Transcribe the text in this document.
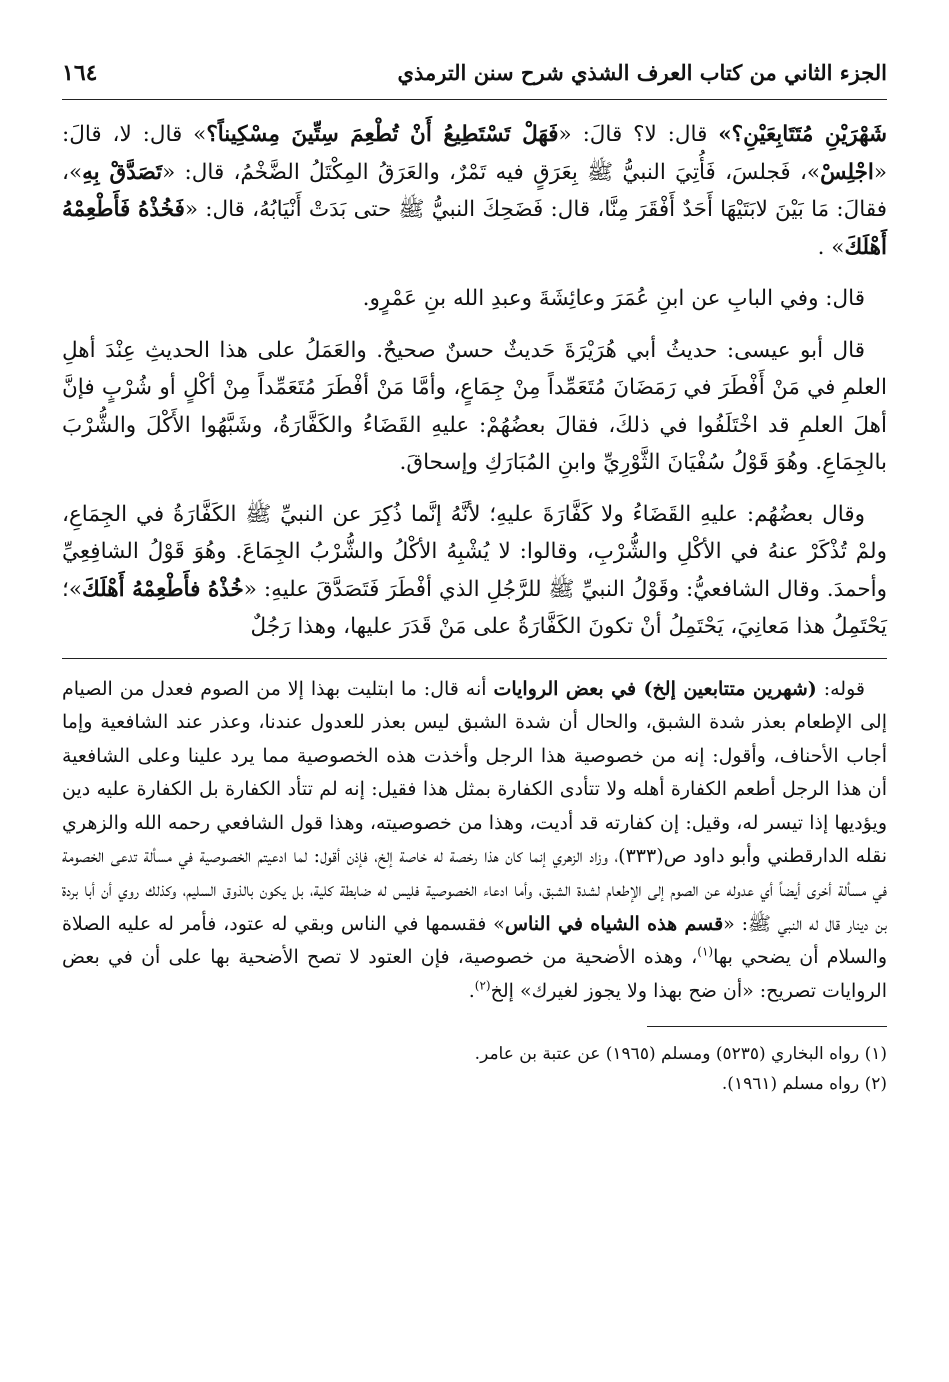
الجزء الثاني من كتاب العرف الشذي شرح سنن الترمذي
١٦٤

شَهْرَيْنِ مُتَتَابِعَيْنِ؟» قال: لا؟ قالَ: «فَهَلْ تَسْتَطِيعُ أَنْ تُطْعِمَ سِتِّينَ مِسْكِيناً؟» قال: لا، قالَ: «اجْلِسْ»، فَجلسَ، فَأُتِيَ النبيُّ ﷺ بِعَرَقٍ فيه تَمْرٌ، والعَرَقُ المِكْتَلُ الضَّخْمُ، قال: «تَصَدَّقْ بِهِ»، فقالَ: مَا بَيْنَ لابَتَيْهَا أَحَدٌ أَفْقَرَ مِنَّا، قال: فَضَحِكَ النبيُّ ﷺ حتى بَدَتْ أَنْيَابُهُ، قال: «فَخُذْهُ فَأَطْعِمْهُ أَهْلَكَ» .

قال: وفي البابِ عن ابنِ عُمَرَ وعائِشَةَ وعبدِ الله بنِ عَمْرٍو.

قال أبو عيسى: حديثُ أبي هُرَيْرَةَ حَديثٌ حسنٌ صحيحٌ. والعَمَلُ على هذا الحديثِ عِنْدَ أهلِ العلمِ في مَنْ أَفْطَرَ في رَمَضَانَ مُتَعَمِّداً مِنْ جِمَاعٍ، وأمَّا مَنْ أفْطَرَ مُتَعَمِّداً مِنْ أكْلٍ أو شُرْبٍ فإنَّ أهلَ العلمِ قد اخْتَلَفُوا في ذلكَ، فقالَ بعضُهُمْ: عليهِ القَضَاءُ والكَفَّارَةُ، وشَبَّهُوا الأَكْلَ والشُّرْبَ بالجِمَاعِ. وهُوَ قَوْلُ سُفْيَانَ الثَّوْرِيِّ وابنِ المُبَارَكِ وإسحاقَ.

وقال بعضُهُم: عليهِ القَضَاءُ ولا كَفَّارَةَ عليهِ؛ لأنَّهُ إنَّما ذُكِرَ عن النبيِّ ﷺ الكَفَّارَةُ في الجِمَاعِ، ولمْ تُذْكَرْ عنهُ في الأكْلِ والشُّرْبِ، وقالوا: لا يُشْبِهُ الأكْلُ والشُّرْبُ الجِمَاعَ. وهُوَ قَوْلُ الشافِعِيِّ وأحمدَ. وقال الشافعيُّ: وقَوْلُ النبيِّ ﷺ للرَّجُلِ الذي أفْطَرَ فَتَصَدَّقَ عليهِ: «خُذْهُ فأَطْعِمْهُ أَهْلَكَ»؛ يَحْتَمِلُ هذا مَعانِيَ، يَحْتَمِلُ أنْ تكونَ الكَفَّارَةُ على مَنْ قَدَرَ عليها، وهذا رَجُلٌ

قوله: (شهرين متتابعين إلخ) في بعض الروايات أنه قال: ما ابتليت بهذا إلا من الصوم فعدل من الصيام إلى الإطعام بعذر شدة الشبق، والحال أن شدة الشبق ليس بعذر للعدول عندنا، وعذر عند الشافعية وإما أجاب الأحناف، وأقول: إنه من خصوصية هذا الرجل وأخذت هذه الخصوصية مما يرد علينا وعلى الشافعية أن هذا الرجل أطعم الكفارة أهله ولا تتأدى الكفارة بمثل هذا فقيل: إنه لم تتأد الكفارة بل الكفارة عليه دين ويؤديها إذا تيسر له، وقيل: إن كفارته قد أديت، وهذا من خصوصيته، وهذا قول الشافعي رحمه الله والزهري نقله الدارقطني وأبو داود ص(٣٣٣)، وزاد الزهري إنما كان هذا رخصة له خاصة إلخ، فإذن أقول: لما ادعيتم الخصوصية في مسألة تدعى الخصومة في مسألة أخرى أيضاً أي عدوله عن الصوم إلى الإطعام لشدة الشبق، وأما ادعاء الخصوصية فليس له ضابطة كلية، بل يكون بالذوق السليم، وكذلك روي أن أبا بردة بن دينار قال له النبي ﷺ: «قسم هذه الشياه في الناس» فقسمها في الناس وبقي له عتود، فأمر له عليه الصلاة والسلام أن يضحي بها$^{(١)}$، وهذه الأضحية من خصوصية، فإن العتود لا تصح الأضحية بها على أن في بعض الروايات تصريح: «أن ضح بهذا ولا يجوز لغيرك» إلخ$^{(٢)}$.

(١) رواه البخاري (٥٢٣٥) ومسلم (١٩٦٥) عن عتبة بن عامر.
(٢) رواه مسلم (١٩٦١).
